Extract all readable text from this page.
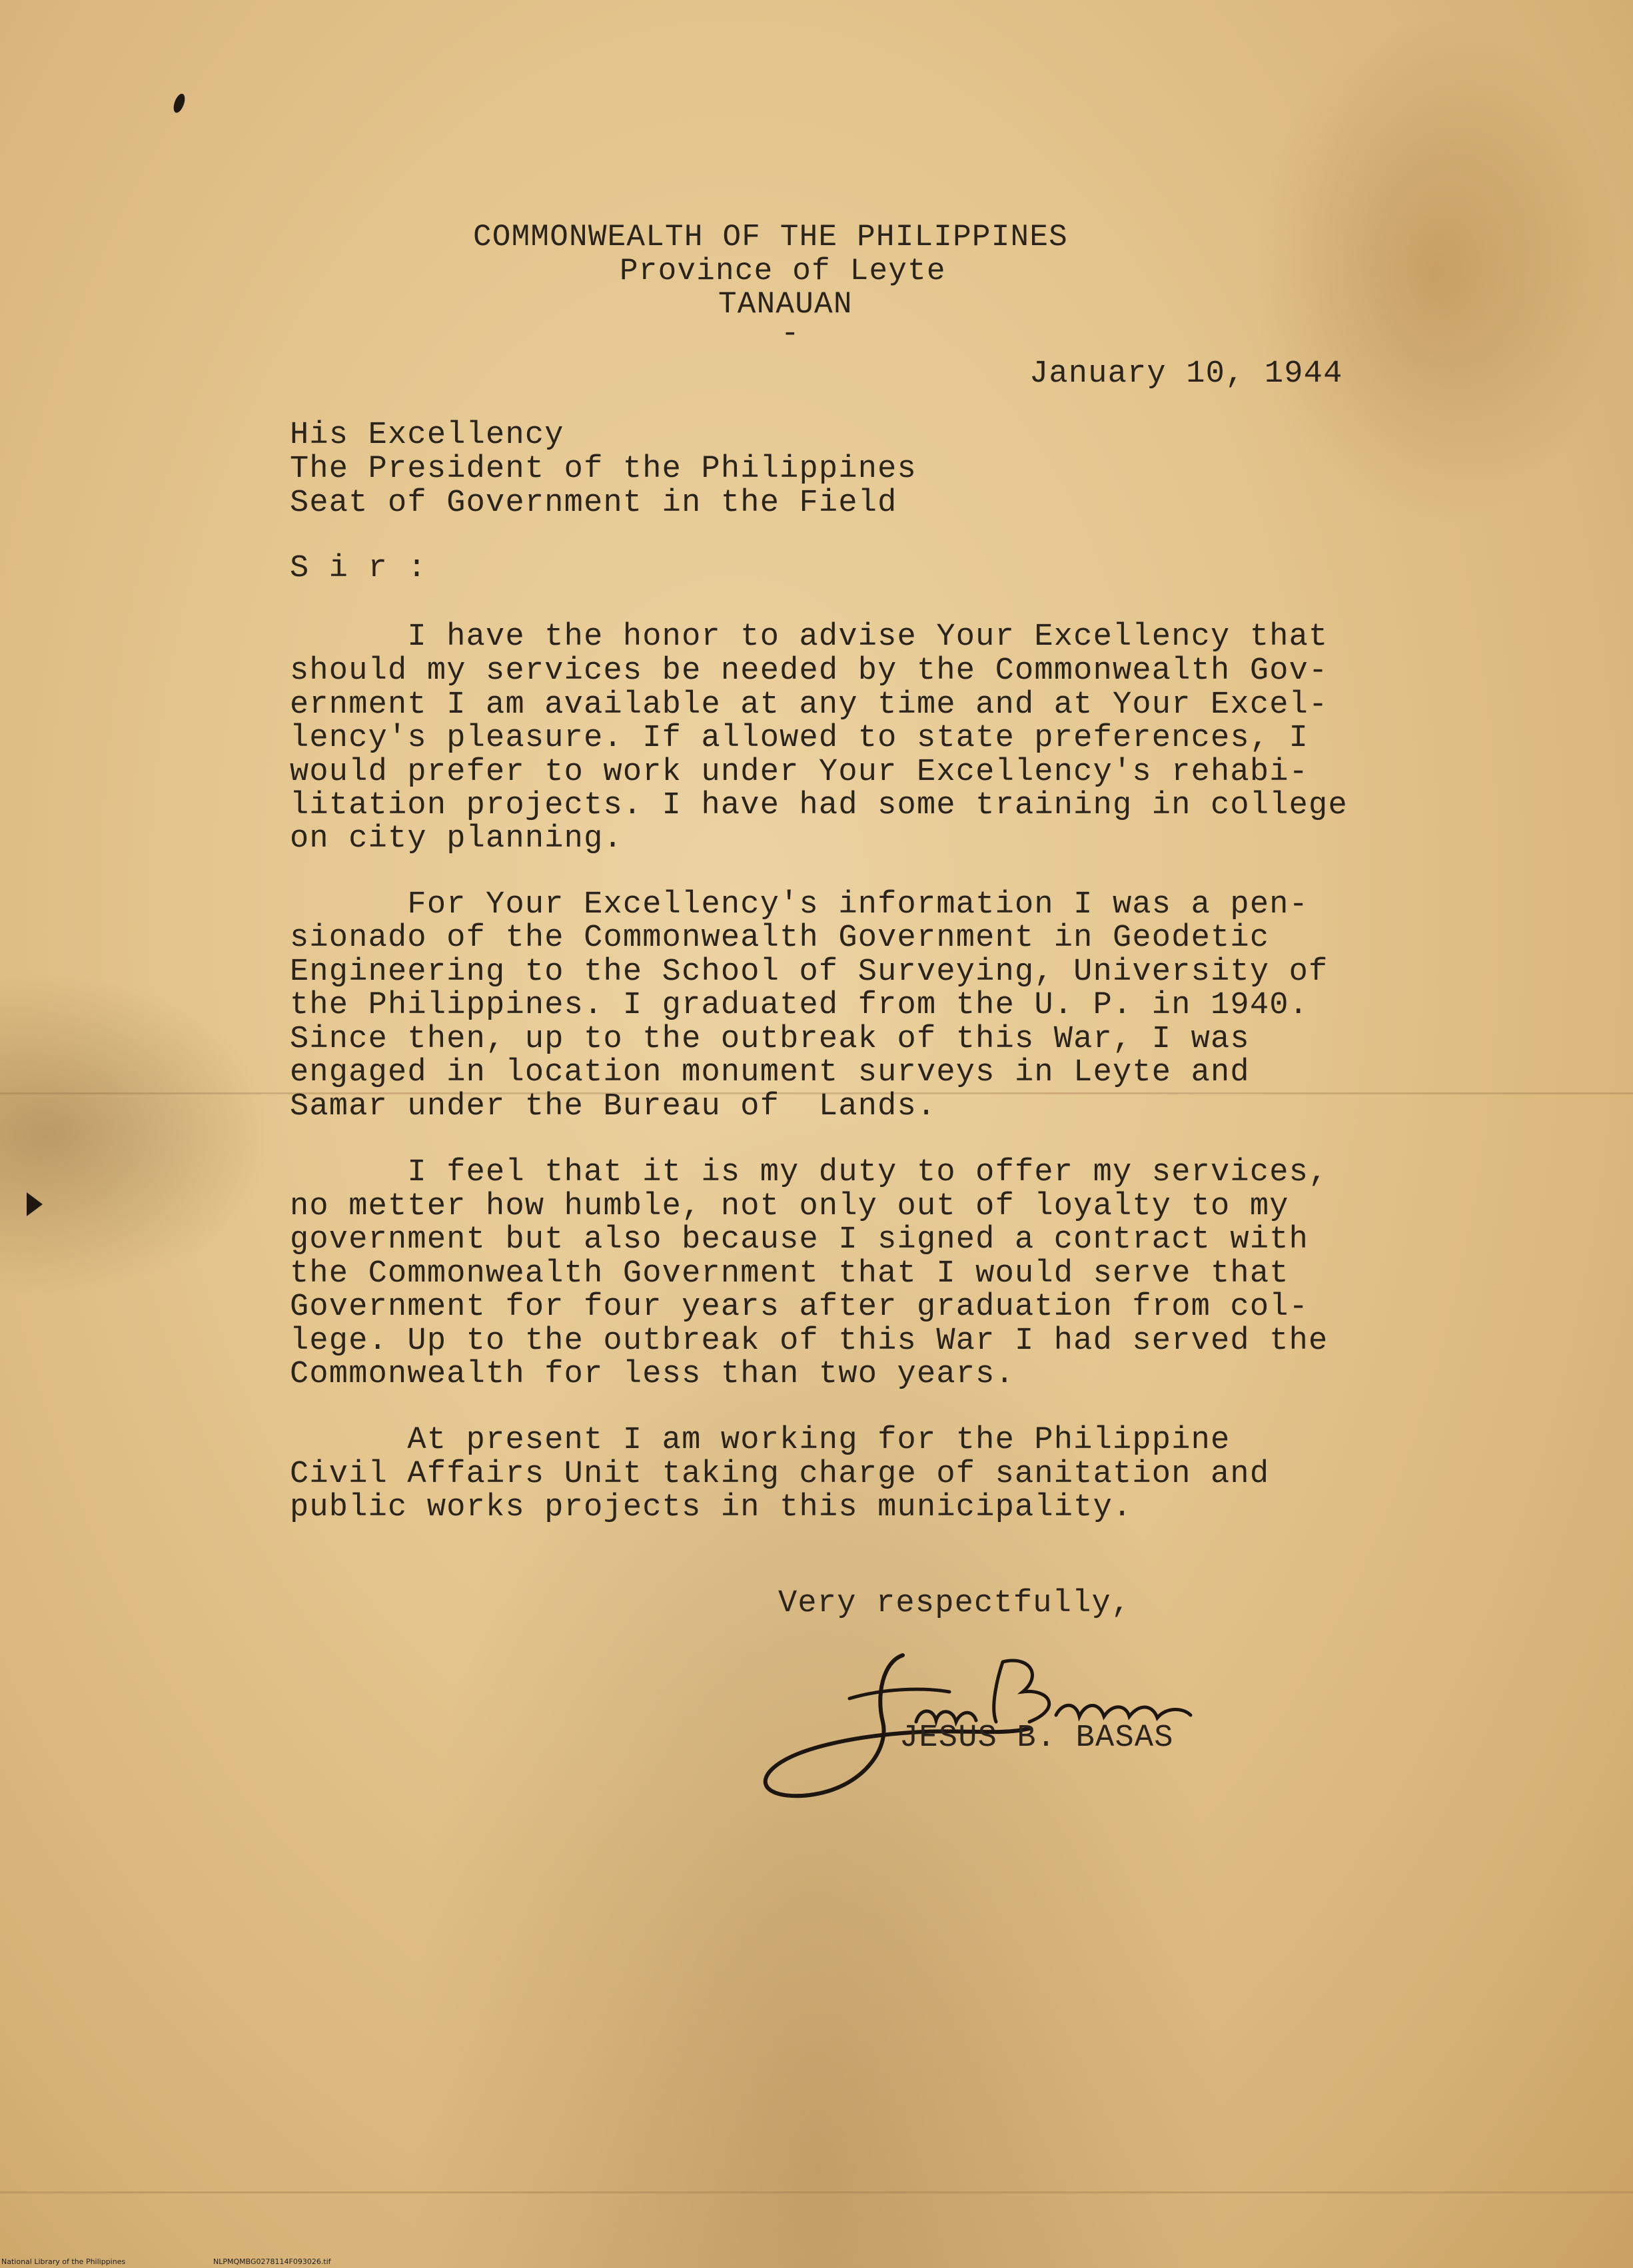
COMMONWEALTH OF THE PHILIPPINES
Province of Leyte
TANAUAN
-
January 10, 1944
His Excellency
The President of the Philippines
Seat of Government in the Field
S i r :
I have the honor to advise Your Excellency that
should my services be needed by the Commonwealth Gov-
ernment I am available at any time and at Your Excel-
lency's pleasure. If allowed to state preferences, I
would prefer to work under Your Excellency's rehabi-
litation projects. I have had some training in college
on city planning.
For Your Excellency's information I was a pen-
sionado of the Commonwealth Government in Geodetic
Engineering to the School of Surveying, University of
the Philippines. I graduated from the U. P. in 1940.
Since then, up to the outbreak of this War, I was
engaged in location monument surveys in Leyte and
Samar under the Bureau of  Lands.
I feel that it is my duty to offer my services,
no metter how humble, not only out of loyalty to my
government but also because I signed a contract with
the Commonwealth Government that I would serve that
Government for four years after graduation from col-
lege. Up to the outbreak of this War I had served the
Commonwealth for less than two years.
At present I am working for the Philippine
Civil Affairs Unit taking charge of sanitation and
public works projects in this municipality.
Very respectfully,
JESUS B. BASAS
National Library of the Philippines	NLPMQMBG0278114F093026.tif
